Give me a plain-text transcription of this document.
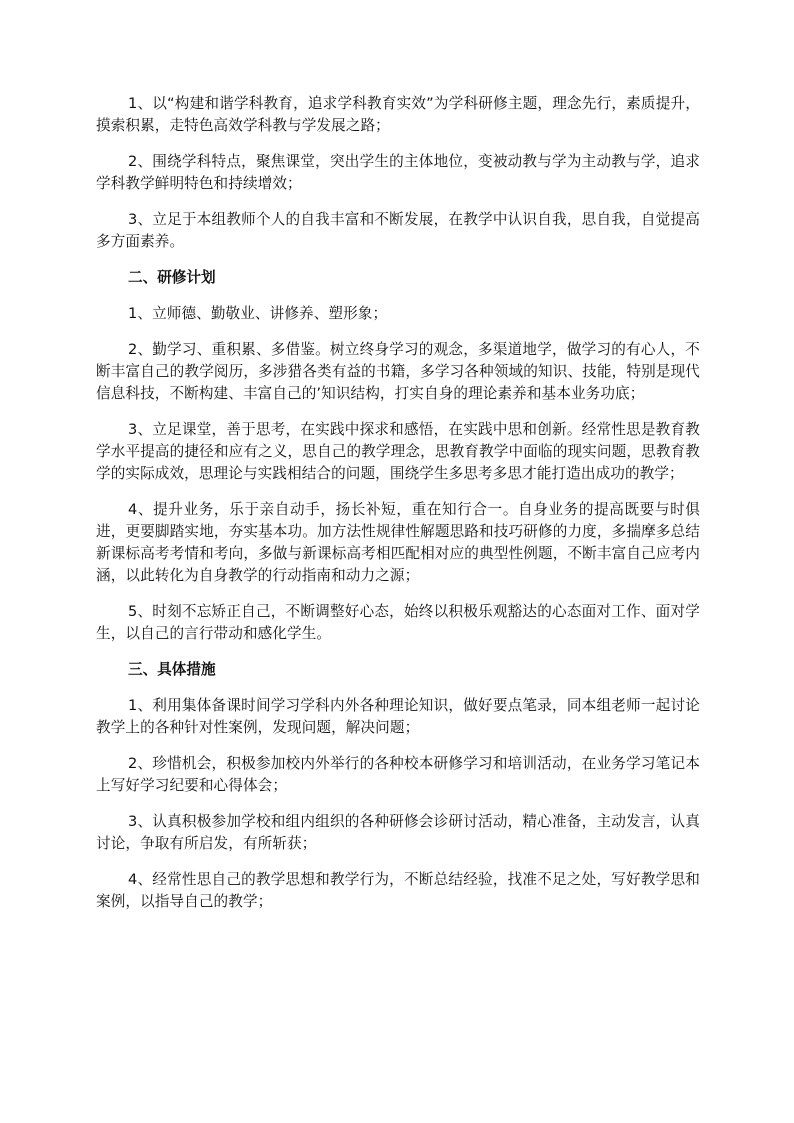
1、以“构建和谐学科教育，追求学科教育实效”为学科研修主题，理念先行，素质提升，摸索积累，走特色高效学科教与学发展之路；

2、围绕学科特点，聚焦课堂，突出学生的主体地位，变被动教与学为主动教与学，追求学科教学鲜明特色和持续增效；

3、立足于本组教师个人的自我丰富和不断发展，在教学中认识自我，思自我，自觉提高多方面素养。

二、研修计划

1、立师德、勤敬业、讲修养、塑形象；

2、勤学习、重积累、多借鉴。树立终身学习的观念，多渠道地学，做学习的有心人，不断丰富自己的教学阅历，多涉猎各类有益的书籍，多学习各种领域的知识、技能，特别是现代信息科技，不断构建、丰富自己的’知识结构，打实自身的理论素养和基本业务功底；

3、立足课堂，善于思考，在实践中探求和感悟，在实践中思和创新。经常性思是教育教学水平提高的捷径和应有之义，思自己的教学理念，思教育教学中面临的现实问题，思教育教学的实际成效，思理论与实践相结合的问题，围绕学生多思考多思才能打造出成功的教学；

4、提升业务，乐于亲自动手，扬长补短，重在知行合一。自身业务的提高既要与时俱进，更要脚踏实地，夯实基本功。加方法性规律性解题思路和技巧研修的力度，多揣摩多总结新课标高考考情和考向，多做与新课标高考相匹配相对应的典型性例题，不断丰富自己应考内涵，以此转化为自身教学的行动指南和动力之源；

5、时刻不忘矫正自己，不断调整好心态，始终以积极乐观豁达的心态面对工作、面对学生，以自己的言行带动和感化学生。

三、具体措施

1、利用集体备课时间学习学科内外各种理论知识，做好要点笔录，同本组老师一起讨论教学上的各种针对性案例，发现问题，解决问题；

2、珍惜机会，积极参加校内外举行的各种校本研修学习和培训活动，在业务学习笔记本上写好学习纪要和心得体会；

3、认真积极参加学校和组内组织的各种研修会诊研讨活动，精心准备，主动发言，认真讨论，争取有所启发，有所斩获；

4、经常性思自己的教学思想和教学行为，不断总结经验，找准不足之处，写好教学思和案例，以指导自己的教学；
